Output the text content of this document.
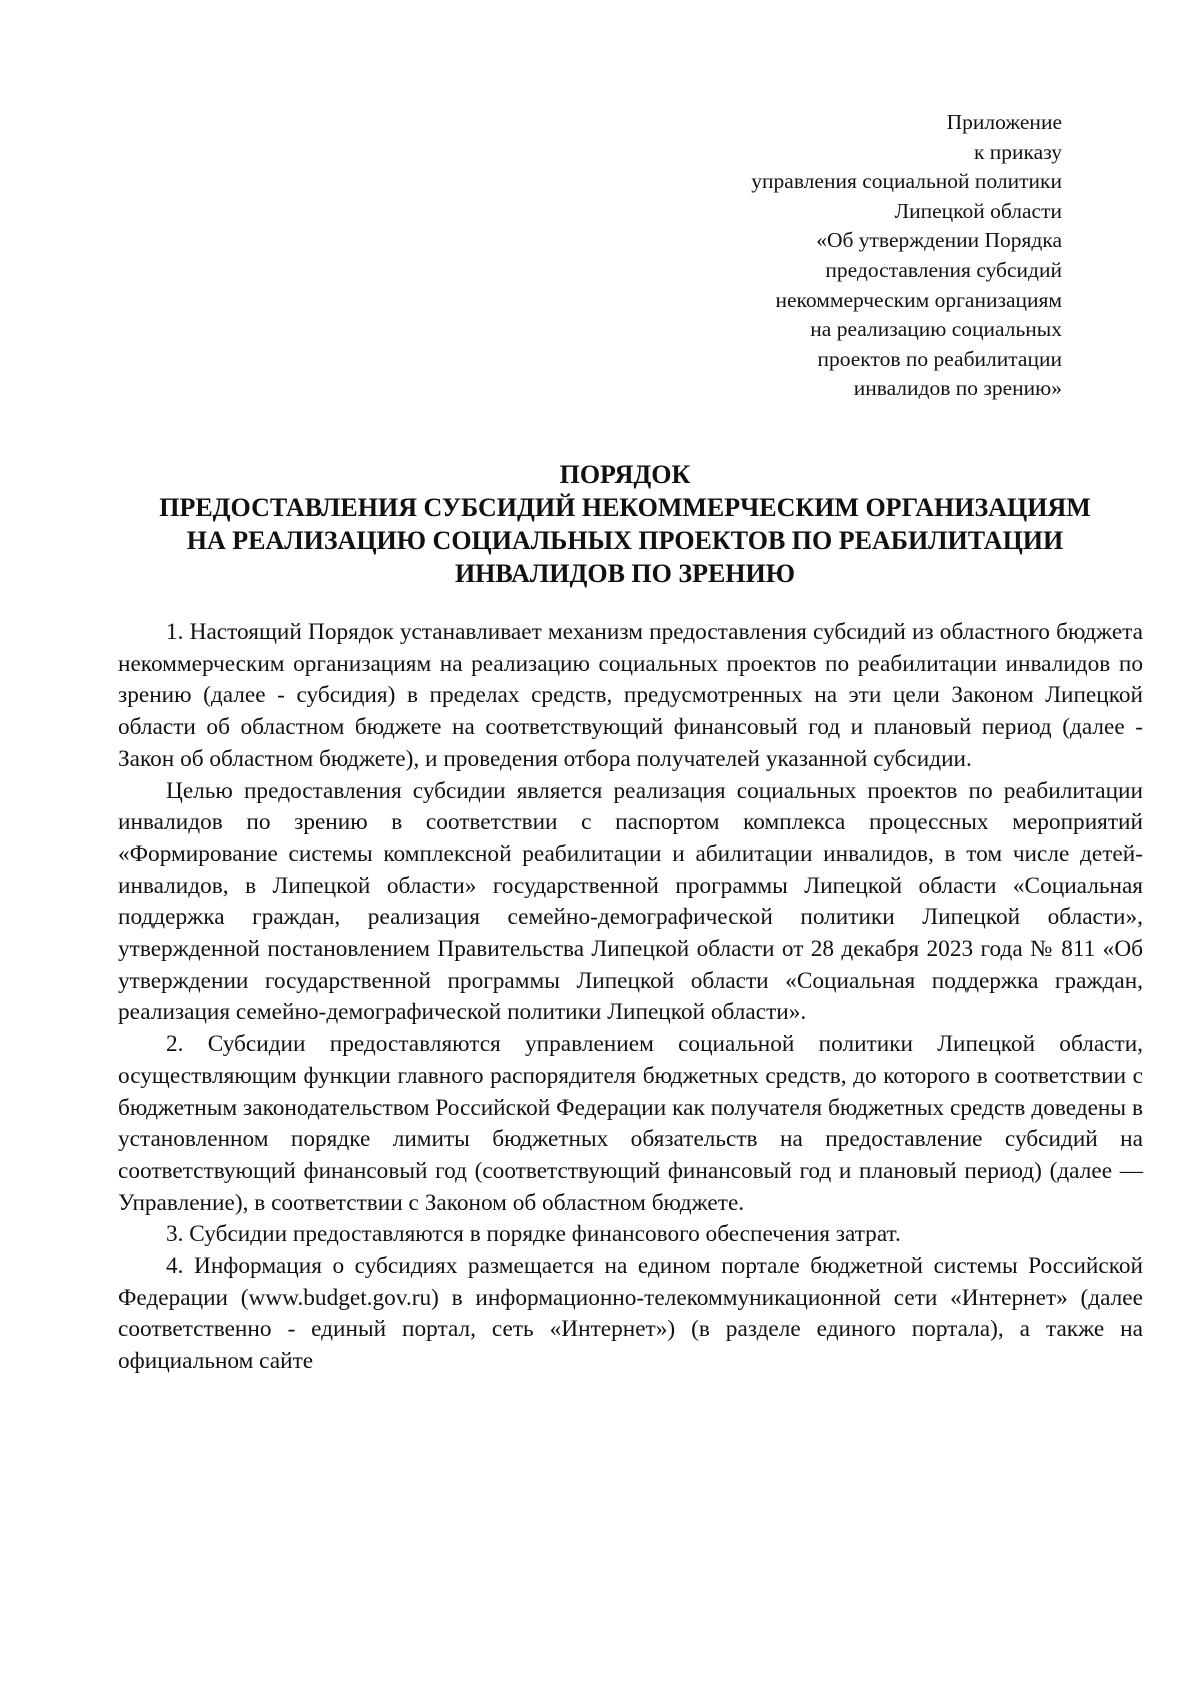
Приложение
к приказу
управления социальной политики
Липецкой области
«Об утверждении Порядка
предоставления субсидий
некоммерческим организациям
на реализацию социальных
проектов по реабилитации
инвалидов по зрению»
ПОРЯДОК
ПРЕДОСТАВЛЕНИЯ СУБСИДИЙ НЕКОММЕРЧЕСКИМ ОРГАНИЗАЦИЯМ
НА РЕАЛИЗАЦИЮ СОЦИАЛЬНЫХ ПРОЕКТОВ ПО РЕАБИЛИТАЦИИ
ИНВАЛИДОВ ПО ЗРЕНИЮ

1. Настоящий Порядок устанавливает механизм предоставления субсидий из областного бюджета некоммерческим организациям на реализацию социальных проектов по реабилитации инвалидов по зрению (далее - субсидия) в пределах средств, предусмотренных на эти цели Законом Липецкой области об областном бюджете на соответствующий финансовый год и плановый период (далее - Закон об областном бюджете), и проведения отбора получателей указанной субсидии.

Целью предоставления субсидии является реализация социальных проектов по реабилитации инвалидов по зрению в соответствии с паспортом комплекса процессных мероприятий «Формирование системы комплексной реабилитации и абилитации инвалидов, в том числе детей-инвалидов, в Липецкой области» государственной программы Липецкой области «Социальная поддержка граждан, реализация семейно-демографической политики Липецкой области», утвержденной постановлением Правительства Липецкой области от 28 декабря 2023 года № 811 «Об утверждении государственной программы Липецкой области «Социальная поддержка граждан, реализация семейно-демографической политики Липецкой области».

2. Субсидии предоставляются управлением социальной политики Липецкой области, осуществляющим функции главного распорядителя бюджетных средств, до которого в соответствии с бюджетным законодательством Российской Федерации как получателя бюджетных средств доведены в установленном порядке лимиты бюджетных обязательств на предоставление субсидий на соответствующий финансовый год (соответствующий финансовый год и плановый период) (далее — Управление), в соответствии с Законом об областном бюджете.

3. Субсидии предоставляются в порядке финансового обеспечения затрат.

4. Информация о субсидиях размещается на едином портале бюджетной системы Российской Федерации (www.budget.gov.ru) в информационно-телекоммуникационной сети «Интернет» (далее соответственно - единый портал, сеть «Интернет») (в разделе единого портала), а также на официальном сайте
